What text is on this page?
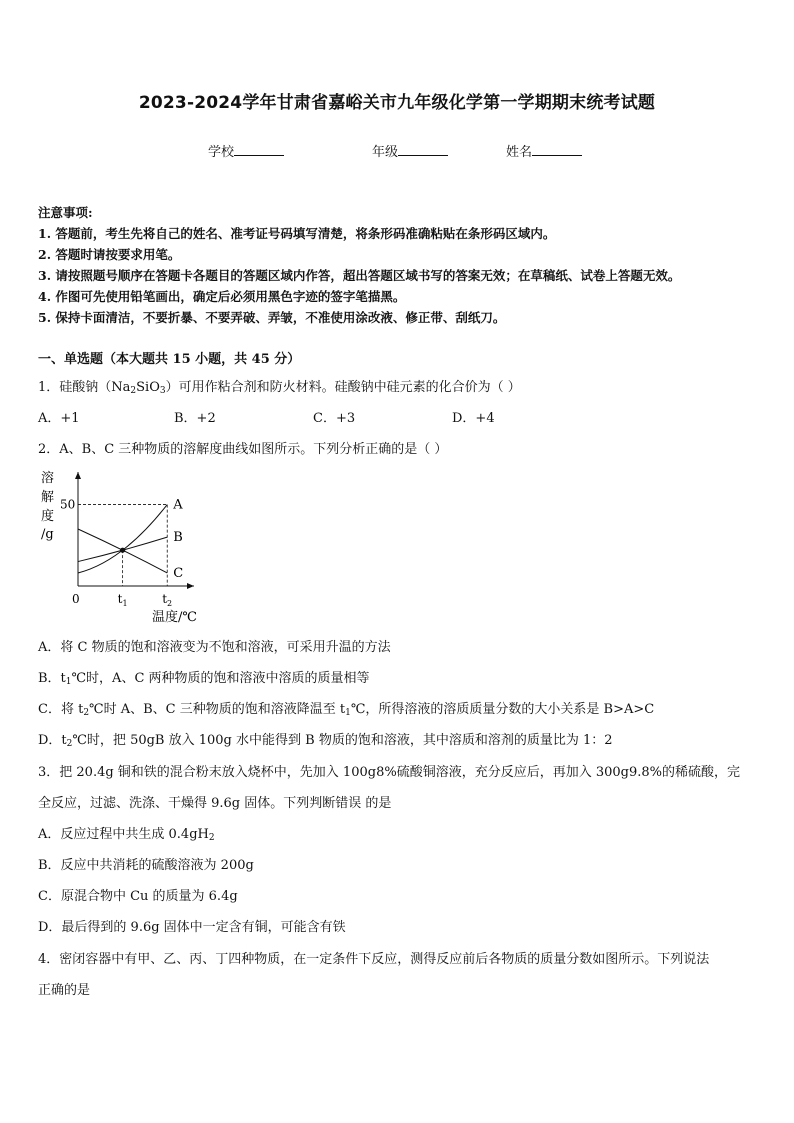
2023-2024学年甘肃省嘉峪关市九年级化学第一学期期末统考试题
学校	年级	姓名
注意事项:
1. 答题前，考生先将自己的姓名、准考证号码填写清楚，将条形码准确粘贴在条形码区域内。
2. 答题时请按要求用笔。
3. 请按照题号顺序在答题卡各题目的答题区域内作答，超出答题区域书写的答案无效；在草稿纸、试卷上答题无效。
4. 作图可先使用铅笔画出，确定后必须用黑色字迹的签字笔描黑。
5. 保持卡面清洁，不要折暴、不要弄破、弄皱，不准使用涂改液、修正带、刮纸刀。
一、单选题（本大题共 15 小题，共 45 分）
1．硅酸钠$(Na_2SiO_3)$可用作粘合剂和防火材料。硅酸钠中硅元素的化合价为（ ）
A．+1	B．+2	C．+3	D．+4
2．A、B、C 三种物质的溶解度曲线如图所示。下列分析正确的是（ ）
溶
解
度
/g
A
B
C
50
$t_1$	$t_2$
0
温度/℃
A．将 C 物质的饱和溶液变为不饱和溶液，可采用升温的方法
B．$t_1℃$时，A、C 两种物质的饱和溶液中溶质的质量相等
C．将 $t_2℃$时 A、B、C 三种物质的饱和溶液降温至 $t_1℃$，所得溶液的溶质质量分数的大小关系是 B>A>C
D．$t_2℃$时，把 50gB 放入 100g 水中能得到 B 物质的饱和溶液，其中溶质和溶剂的质量比为 1：2
3．把 20.4g 铜和铁的混合粉末放入烧杯中，先加入 100g8%硫酸铜溶液，充分反应后，再加入 300g9.8%的稀硫酸，完
全反应，过滤、洗涤、干燥得 9.6g 固体。下列判断错误 的是
A．反应过程中共生成 $0.4gH_2$
B．反应中共消耗的硫酸溶液为 200g
C．原混合物中 Cu 的质量为 6.4g
D．最后得到的 9.6g 固体中一定含有铜，可能含有铁
4．密闭容器中有甲、乙、丙、丁四种物质，在一定条件下反应，测得反应前后各物质的质量分数如图所示。下列说法
正确的是
